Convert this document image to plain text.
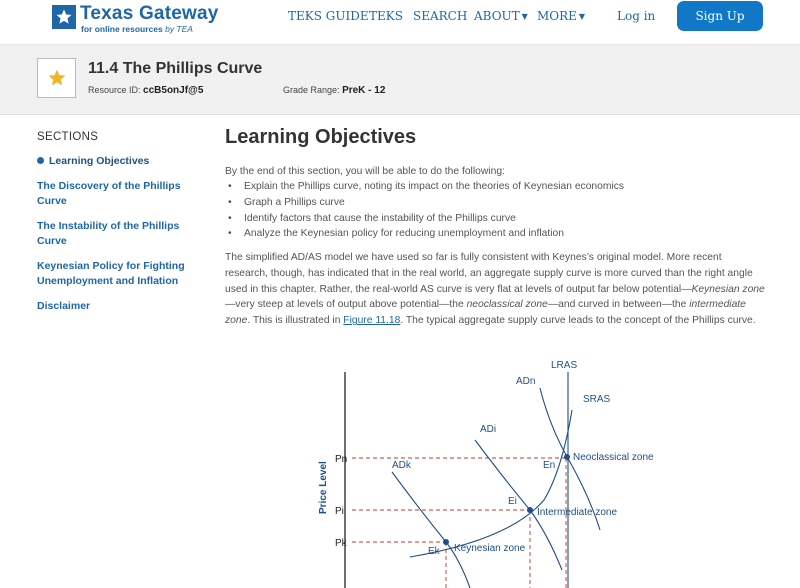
Texas Gateway
for online resources by TEA
TEKS GUIDE TEKS SEARCH ABOUT ▼ MORE ▼	Log in	Sign Up
11.4 The Phillips Curve
Resource ID: ccB5onJf@5	Grade Range: PreK - 12
SECTIONS
Learning Objectives
The Discovery of the Phillips Curve
The Instability of the Phillips Curve
Keynesian Policy for Fighting Unemployment and Inflation
Disclaimer
Learning Objectives
By the end of this section, you will be able to do the following:
• Explain the Phillips curve, noting its impact on the theories of Keynesian economics
• Graph a Phillips curve
• Identify factors that cause the instability of the Phillips curve
• Analyze the Keynesian policy for reducing unemployment and inflation
The simplified AD/AS model we have used so far is fully consistent with Keynes’s original model. More recent research, though, has indicated that in the real world, an aggregate supply curve is more curved than the right angle used in this chapter. Rather, the real-world AS curve is very flat at levels of output far below potential—Keynesian zone—very steep at levels of output above potential—the neoclassical zone—and curved in between—the intermediate zone. This is illustrated in Figure 11.18. The typical aggregate supply curve leads to the concept of the Phillips curve.
Price Level
Pn
Pi
Pk
LRAS
SRAS
ADn
ADi
ADk	En
Ei
Ek
Neoclassical zone
Intermediate zone
Keynesian zone
